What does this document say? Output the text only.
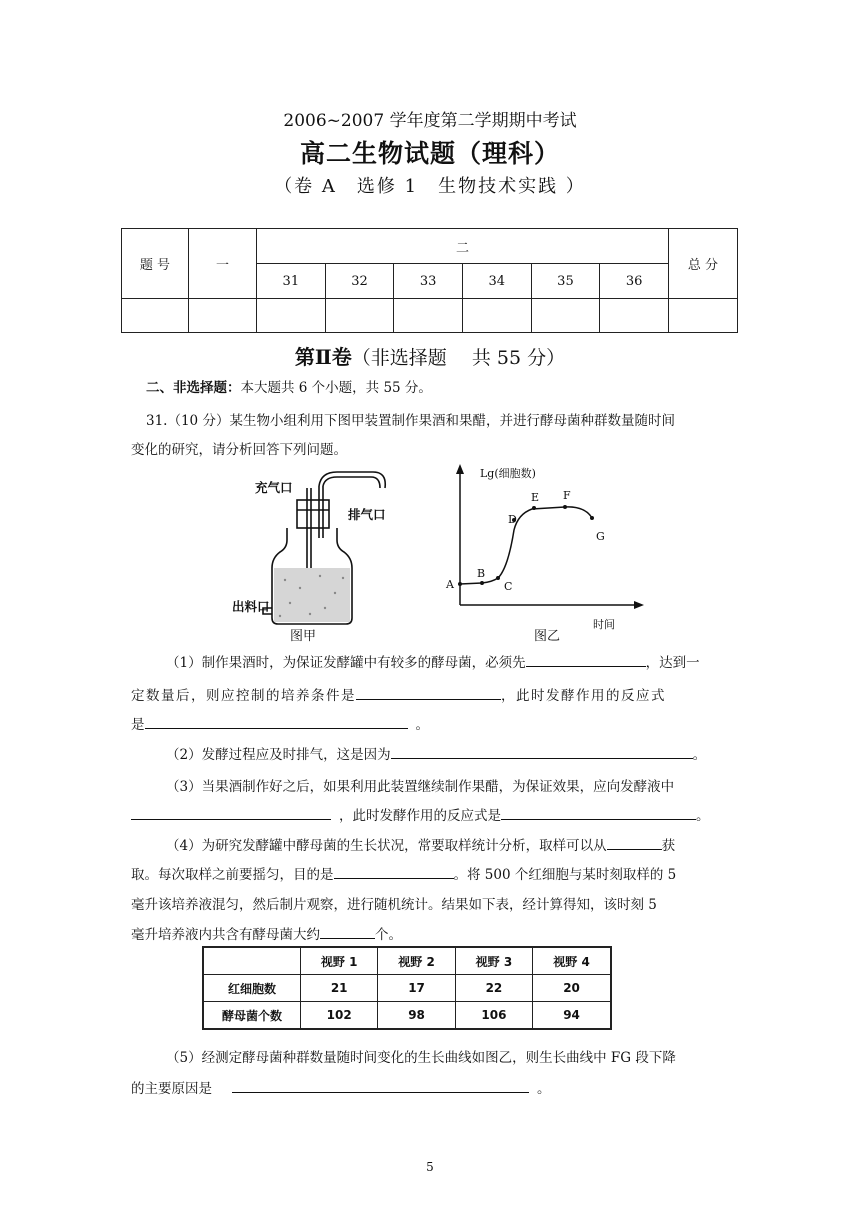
2006~2007 学年度第二学期期中考试
高二生物试题（理科）
（卷 A　选修 1　生物技术实践 ）
题 号	一	二						总 分
		31	32	33	34	35	36	

第Ⅱ卷（非选择题　 共 55 分）
二、非选择题：本大题共 6 个小题，共 55 分。
31.（10 分）某生物小组利用下图甲装置制作果酒和果醋，并进行酵母菌种群数量随时间
变化的研究，请分析回答下列问题。
充气口
排气口
出料口
图甲
Lg(细胞数)
A
B
C
D
E F
G
时间
图乙
（1）制作果酒时，为保证发酵罐中有较多的酵母菌，必须先	，达到一
定数量后，则应控制的培养条件是	，此时发酵作用的反应式
是	。
（2）发酵过程应及时排气，这是因为	。
（3）当果酒制作好之后，如果利用此装置继续制作果醋，为保证效果，应向发酵液中
，此时发酵作用的反应式是	。
（4）为研究发酵罐中酵母菌的生长状况，常要取样统计分析，取样可以从	获
取。每次取样之前要摇匀，目的是	。将 500 个红细胞与某时刻取样的 5
毫升该培养液混匀，然后制片观察，进行随机统计。结果如下表，经计算得知，该时刻 5
毫升培养液内共含有酵母菌大约	个。
	视野 1	视野 2	视野 3	视野 4
红细胞数	21	17	22	20
酵母菌个数	102	98	106	94
（5）经测定酵母菌种群数量随时间变化的生长曲线如图乙，则生长曲线中 FG 段下降
的主要原因是	。
5
